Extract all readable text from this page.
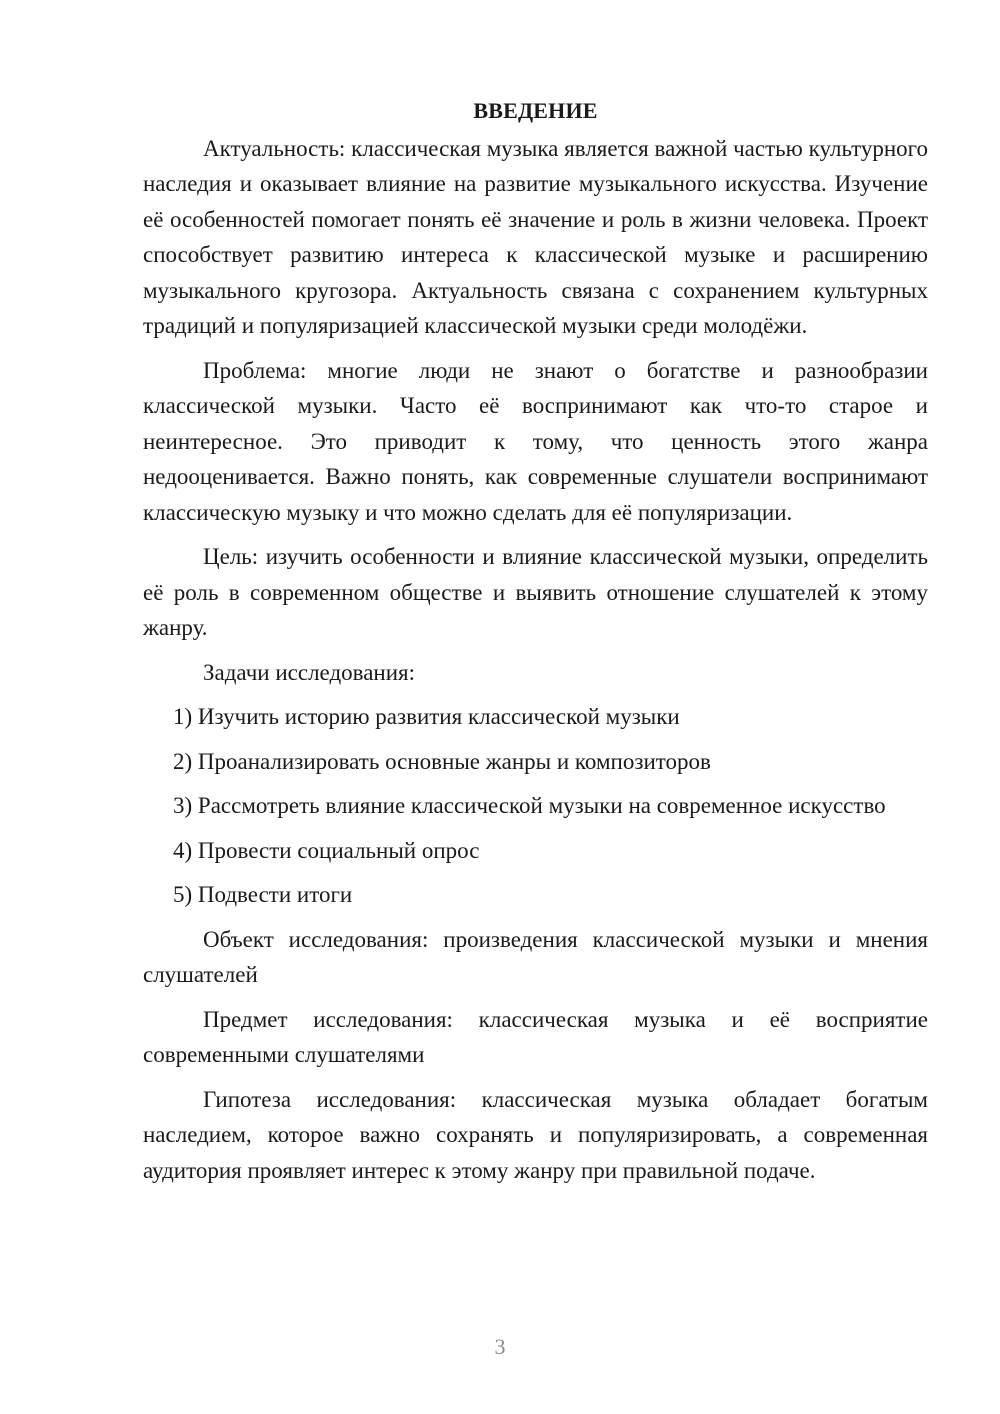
ВВЕДЕНИЕ

Актуальность: классическая музыка является важной частью культурного наследия и оказывает влияние на развитие музыкального искусства. Изучение её особенностей помогает понять её значение и роль в жизни человека. Проект способствует развитию интереса к классической музыке и расширению музыкального кругозора. Актуальность связана с сохранением культурных традиций и популяризацией классической музыки среди молодёжи.

Проблема: многие люди не знают о богатстве и разнообразии классической музыки. Часто её воспринимают как что-то старое и неинтересное. Это приводит к тому, что ценность этого жанра недооценивается. Важно понять, как современные слушатели воспринимают классическую музыку и что можно сделать для её популяризации.

Цель: изучить особенности и влияние классической музыки, определить её роль в современном обществе и выявить отношение слушателей к этому жанру.

Задачи исследования:

1) Изучить историю развития классической музыки

2) Проанализировать основные жанры и композиторов

3) Рассмотреть влияние классической музыки на современное искусство

4) Провести социальный опрос

5) Подвести итоги

Объект исследования: произведения классической музыки и мнения слушателей

Предмет исследования: классическая музыка и её восприятие современными слушателями

Гипотеза исследования: классическая музыка обладает богатым наследием, которое важно сохранять и популяризировать, а современная аудитория проявляет интерес к этому жанру при правильной подаче.

3
